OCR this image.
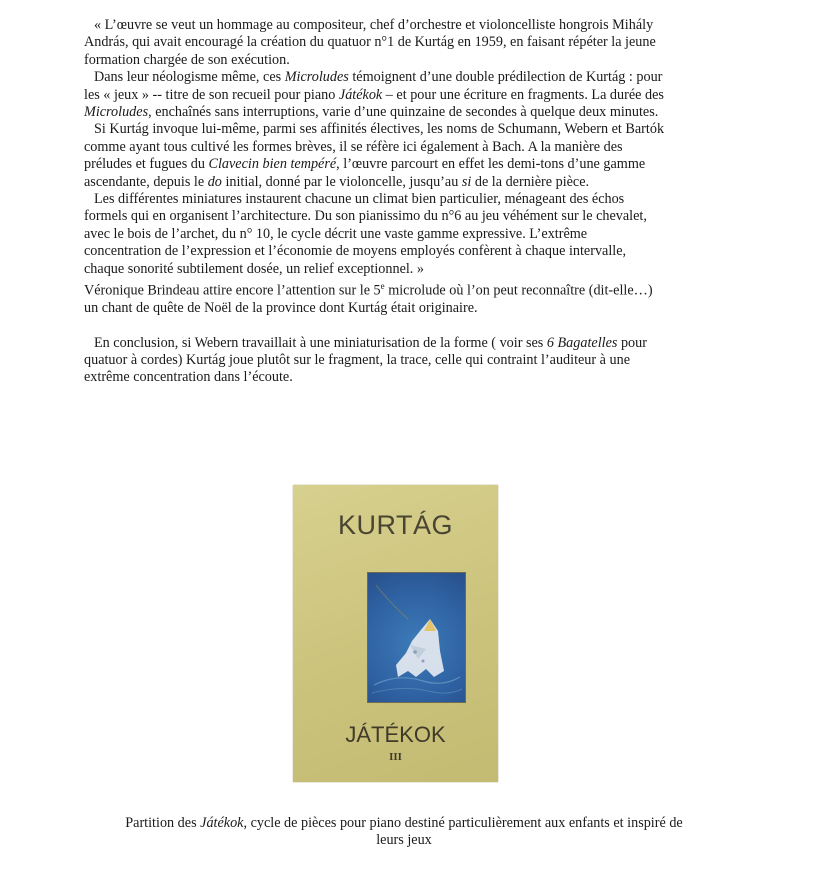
« L’œuvre se veut un hommage au compositeur, chef d’orchestre et violoncelliste hongrois Mihály
András, qui avait encouragé la création du quatuor n°1 de Kurtág en 1959, en faisant répéter la jeune
formation chargée de son exécution.

Dans leur néologisme même, ces Microludes témoignent d’une double prédilection de Kurtág : pour
les « jeux » -- titre de son recueil pour piano Játékok – et pour une écriture en fragments. La durée des
Microludes, enchaînés sans interruptions, varie d’une quinzaine de secondes à quelque deux minutes.

Si Kurtág invoque lui-même, parmi ses affinités électives, les noms de Schumann, Webern et Bartók
comme ayant tous cultivé les formes brèves, il se réfère ici également à Bach. A la manière des
préludes et fugues du Clavecin bien tempéré, l’œuvre parcourt en effet les demi-tons d’une gamme
ascendante, depuis le do initial, donné par le violoncelle, jusqu’au si de la dernière pièce.

Les différentes miniatures instaurent chacune un climat bien particulier, ménageant des échos
formels qui en organisent l’architecture. Du son pianissimo du n°6 au jeu véhément sur le chevalet,
avec le bois de l’archet, du n° 10, le cycle décrit une vaste gamme expressive. L’extrême
concentration de l’expression et l’économie de moyens employés confèrent à chaque intervalle,
chaque sonorité subtilement dosée, un relief exceptionnel. »

Véronique Brindeau attire encore l’attention sur le 5e microlude où l’on peut reconnaître (dit-elle…)
un chant de quête de Noël de la province dont Kurtág était originaire.

En conclusion, si Webern travaillait à une miniaturisation de la forme ( voir ses 6 Bagatelles pour
quatuor à cordes) Kurtág joue plutôt sur le fragment, la trace, celle qui contraint l’auditeur à une
extrême concentration dans l’écoute.

KURTÁG
JÁTÉKOK
III
Partition des Játékok, cycle de pièces pour piano destiné particulièrement aux enfants et inspiré de
leurs jeux
